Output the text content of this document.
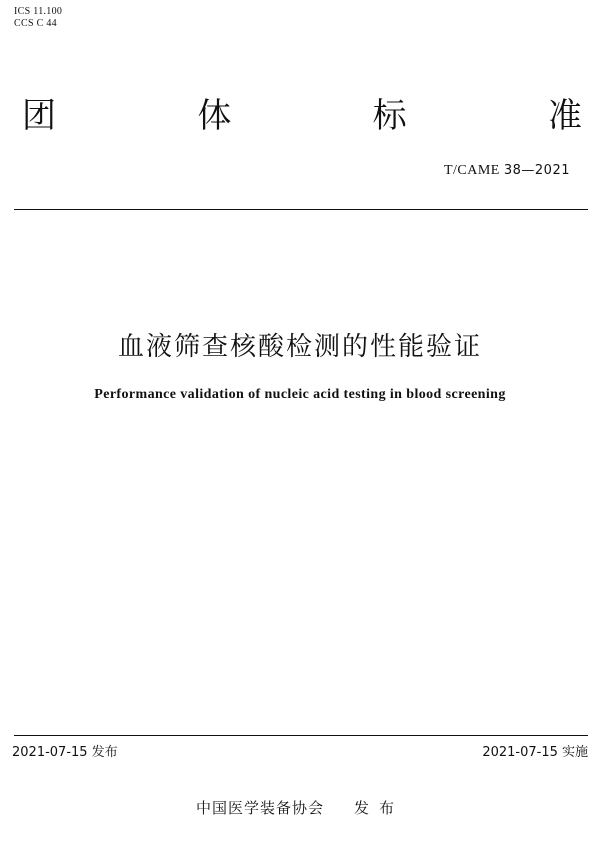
ICS 11.100
CCS C 44
团	体	标	准
T/CAME 38—2021
血液筛查核酸检测的性能验证
Performance validation of nucleic acid testing in blood screening
2021-07-15 发布	2021-07-15 实施
中国医学装备协会 发布
